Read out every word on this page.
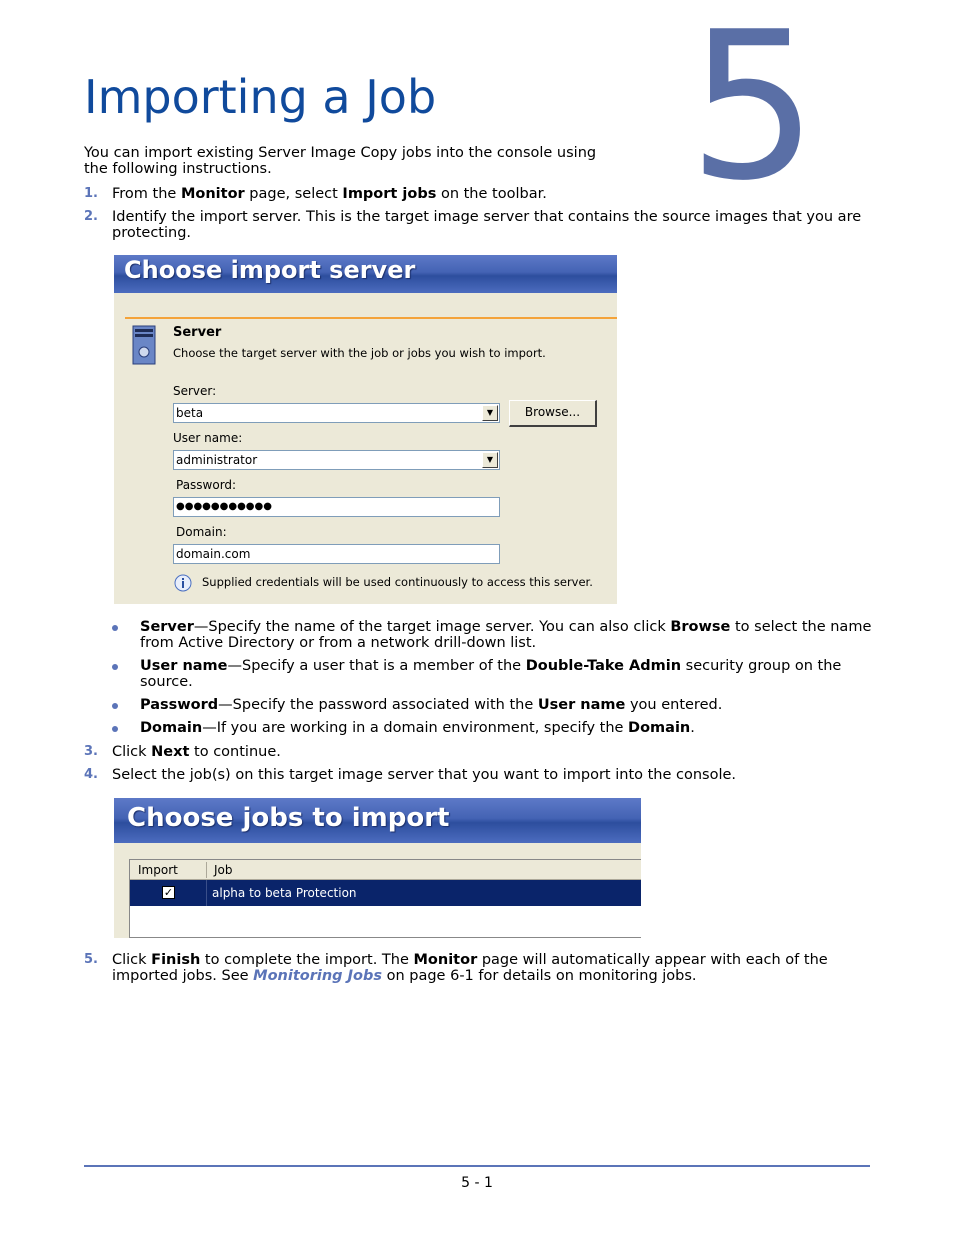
5
Importing a Job
You can import existing Server Image Copy jobs into the console using the following instructions.
1. From the Monitor page, select Import jobs on the toolbar.
2. Identify the import server. This is the target image server that contains the source images that you are protecting.
Choose import server
Server
Choose the target server with the job or jobs you wish to import.
Server:
beta	▼	Browse...
User name:
administrator	▼
Password:
●●●●●●●●●●●
Domain:
domain.com
Supplied credentials will be used continuously to access this server.
Server—Specify the name of the target image server. You can also click Browse to select the name from Active Directory or from a network drill-down list.
User name—Specify a user that is a member of the Double-Take Admin security group on the source.
Password—Specify the password associated with the User name you entered.
Domain—If you are working in a domain environment, specify the Domain.
3. Click Next to continue.
4. Select the job(s) on this target image server that you want to import into the console.
Choose jobs to import
Import	Job
✓	alpha to beta Protection
5. Click Finish to complete the import. The Monitor page will automatically appear with each of the imported jobs. See Monitoring Jobs on page 6-1 for details on monitoring jobs.
5 - 1
